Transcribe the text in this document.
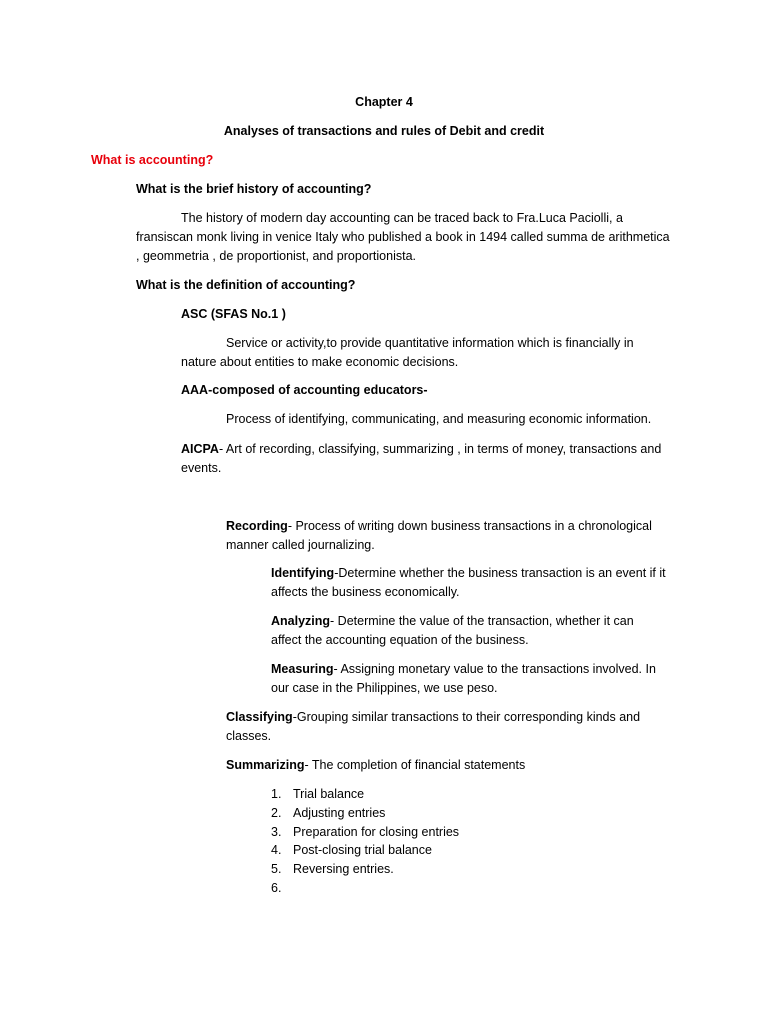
Chapter 4
Analyses of transactions and rules of Debit and credit
What is accounting?
What is the brief history of accounting?
The history of modern day accounting can be traced back to Fra.Luca Paciolli, a
fransiscan monk living in venice Italy who published a book in 1494 called summa de arithmetica
, geommetria , de proportionist, and proportionista.
What is the definition of accounting?
ASC (SFAS No.1 )
Service or activity,to provide quantitative information which is financially in
nature about entities to make economic decisions.
AAA-composed of accounting educators-
Process of identifying, communicating, and measuring economic information.
AICPA- Art of recording, classifying, summarizing , in terms of money, transactions and
events.
Recording- Process of writing down business transactions in a chronological
manner called journalizing.
Identifying-Determine whether the business transaction is an event if it
affects the business economically.
Analyzing- Determine the value of the transaction, whether it can
affect the accounting equation of the business.
Measuring- Assigning monetary value to the transactions involved. In
our case in the Philippines, we use peso.
Classifying-Grouping similar transactions to their corresponding kinds and
classes.
Summarizing- The completion of financial statements
1. Trial balance
2. Adjusting entries
3. Preparation for closing entries
4. Post-closing trial balance
5. Reversing entries.
6.
